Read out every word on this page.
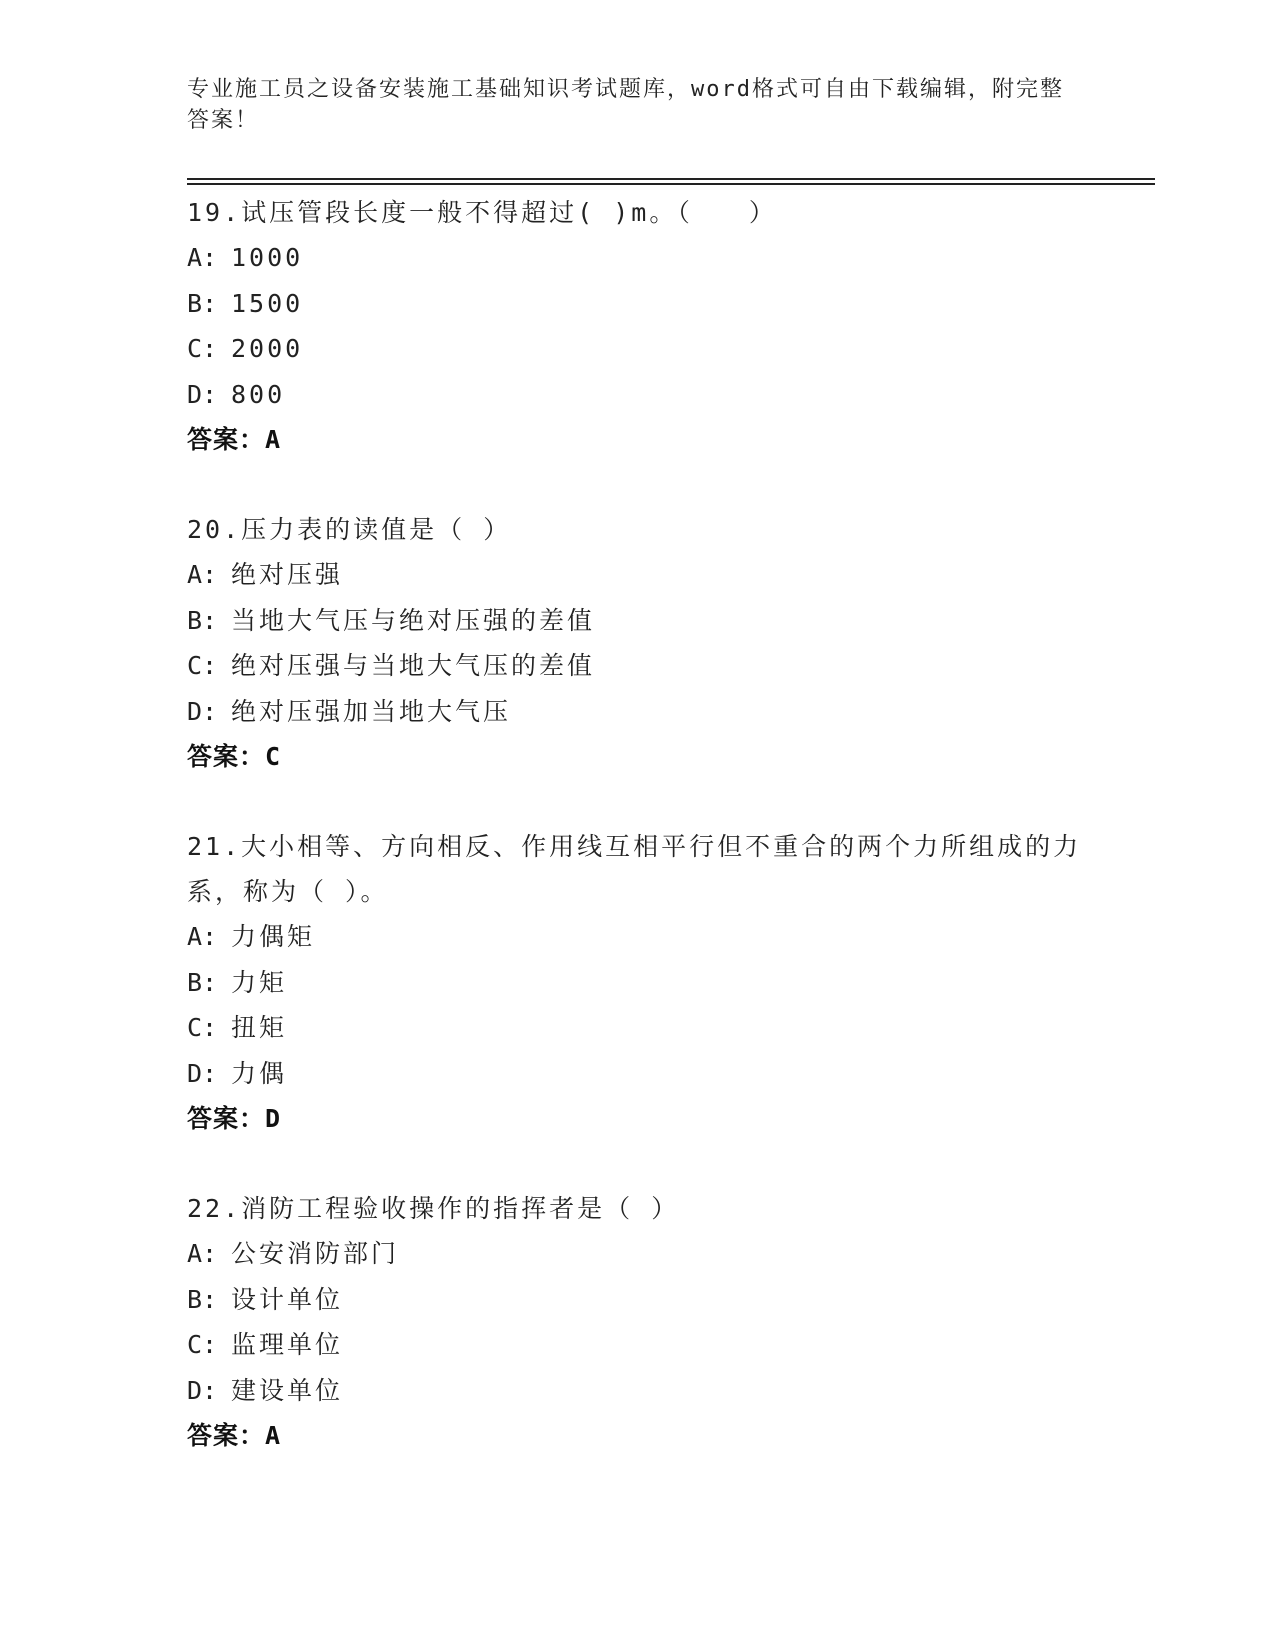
专业施工员之设备安装施工基础知识考试题库，word格式可自由下载编辑，附完整答案！
19.试压管段长度一般不得超过( )m。（　　）
A: 1000
B: 1500
C: 2000
D: 800
答案：A
20.压力表的读值是（ ）
A: 绝对压强
B: 当地大气压与绝对压强的差值
C: 绝对压强与当地大气压的差值
D: 绝对压强加当地大气压
答案：C
21.大小相等、方向相反、作用线互相平行但不重合的两个力所组成的力系，称为（ ）。
A: 力偶矩
B: 力矩
C: 扭矩
D: 力偶
答案：D
22.消防工程验收操作的指挥者是（ ）
A: 公安消防部门
B: 设计单位
C: 监理单位
D: 建设单位
答案：A
